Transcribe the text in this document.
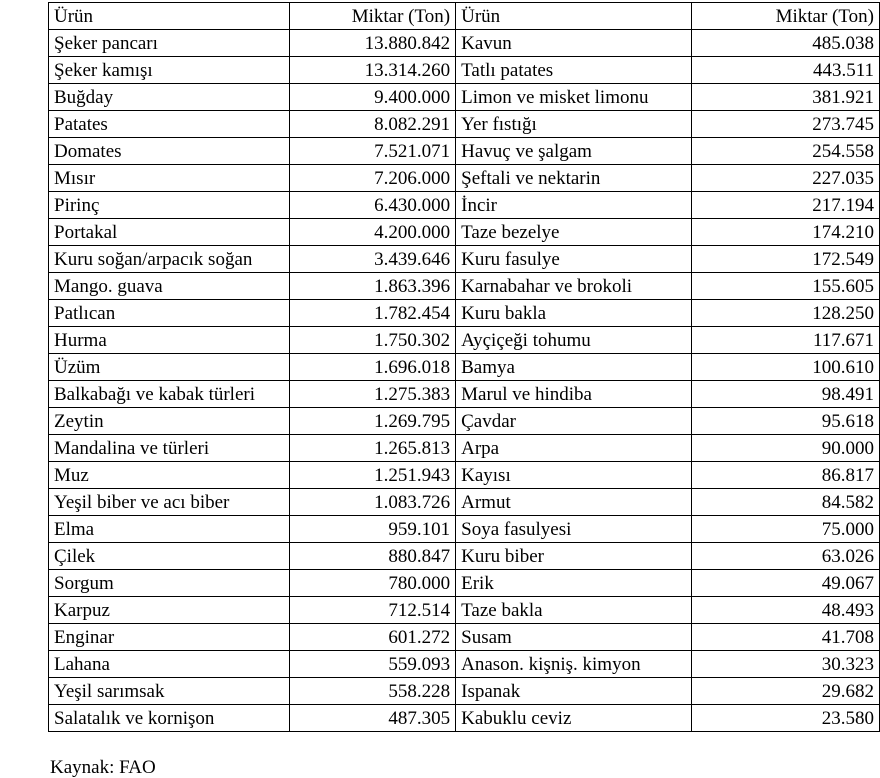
Ürün	Miktar (Ton)	Ürün	Miktar (Ton)
Şeker pancarı	13.880.842	Kavun	485.038
Şeker kamışı	13.314.260	Tatlı patates	443.511
Buğday	9.400.000	Limon ve misket limonu	381.921
Patates	8.082.291	Yer fıstığı	273.745
Domates	7.521.071	Havuç ve şalgam	254.558
Mısır	7.206.000	Şeftali ve nektarin	227.035
Pirinç	6.430.000	İncir	217.194
Portakal	4.200.000	Taze bezelye	174.210
Kuru soğan/arpacık soğan	3.439.646	Kuru fasulye	172.549
Mango. guava	1.863.396	Karnabahar ve brokoli	155.605
Patlıcan	1.782.454	Kuru bakla	128.250
Hurma	1.750.302	Ayçiçeği tohumu	117.671
Üzüm	1.696.018	Bamya	100.610
Balkabağı ve kabak türleri	1.275.383	Marul ve hindiba	98.491
Zeytin	1.269.795	Çavdar	95.618
Mandalina ve türleri	1.265.813	Arpa	90.000
Muz	1.251.943	Kayısı	86.817
Yeşil biber ve acı biber	1.083.726	Armut	84.582
Elma	959.101	Soya fasulyesi	75.000
Çilek	880.847	Kuru biber	63.026
Sorgum	780.000	Erik	49.067
Karpuz	712.514	Taze bakla	48.493
Enginar	601.272	Susam	41.708
Lahana	559.093	Anason. kişniş. kimyon	30.323
Yeşil sarımsak	558.228	Ispanak	29.682
Salatalık ve kornişon	487.305	Kabuklu ceviz	23.580
Kaynak: FAO
